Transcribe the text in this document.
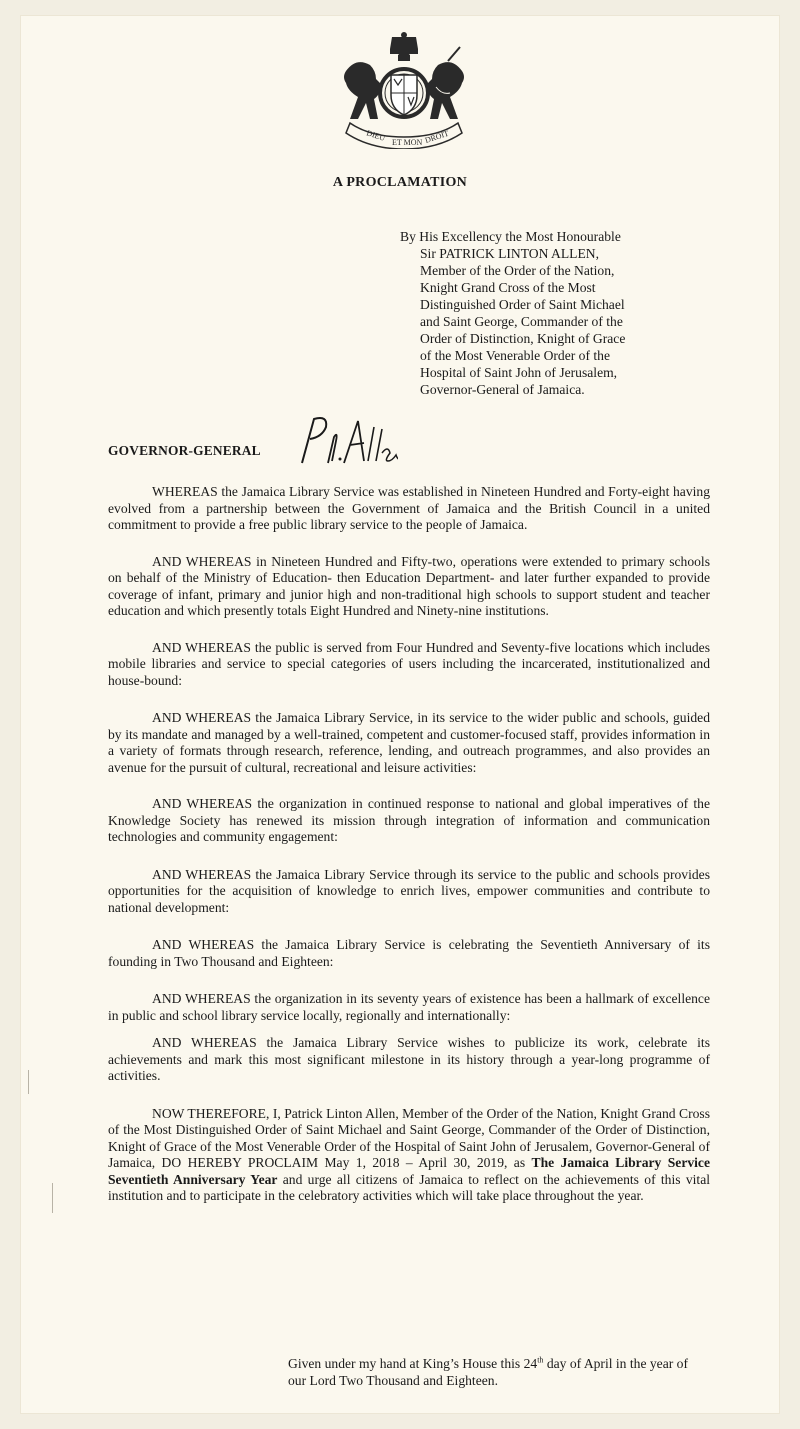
DIEU ET MON DROIT
A PROCLAMATION
By His Excellency the Most Honourable
Sir PATRICK LINTON ALLEN,
Member of the Order of the Nation,
Knight Grand Cross of the Most
Distinguished Order of Saint Michael
and Saint George, Commander of the
Order of Distinction, Knight of Grace
of the Most Venerable Order of the
Hospital of Saint John of Jerusalem,
Governor-General of Jamaica.
GOVERNOR-GENERAL

WHEREAS the Jamaica Library Service was established in Nineteen Hundred and Forty-eight having evolved from a partnership between the Government of Jamaica and the British Council in a united commitment to provide a free public library service to the people of Jamaica.

AND WHEREAS in Nineteen Hundred and Fifty-two, operations were extended to primary schools on behalf of the Ministry of Education- then Education Department- and later further expanded to provide coverage of infant, primary and junior high and non-traditional high schools to support student and teacher education and which presently totals Eight Hundred and Ninety-nine institutions.

AND WHEREAS the public is served from Four Hundred and Seventy-five locations which includes mobile libraries and service to special categories of users including the incarcerated, institutionalized and house-bound:

AND WHEREAS the Jamaica Library Service, in its service to the wider public and schools, guided by its mandate and managed by a well-trained, competent and customer-focused staff, provides information in a variety of formats through research, reference, lending, and outreach programmes, and also provides an avenue for the pursuit of cultural, recreational and leisure activities:

AND WHEREAS the organization in continued response to national and global imperatives of the Knowledge Society has renewed its mission through integration of information and communication technologies and community engagement:

AND WHEREAS the Jamaica Library Service through its service to the public and schools provides opportunities for the acquisition of knowledge to enrich lives, empower communities and contribute to national development:

AND WHEREAS the Jamaica Library Service is celebrating the Seventieth Anniversary of its founding in Two Thousand and Eighteen:

AND WHEREAS the organization in its seventy years of existence has been a hallmark of excellence in public and school library service locally, regionally and internationally:

AND WHEREAS the Jamaica Library Service wishes to publicize its work, celebrate its achievements and mark this most significant milestone in its history through a year-long programme of activities.

NOW THEREFORE, I, Patrick Linton Allen, Member of the Order of the Nation, Knight Grand Cross of the Most Distinguished Order of Saint Michael and Saint George, Commander of the Order of Distinction, Knight of Grace of the Most Venerable Order of the Hospital of Saint John of Jerusalem, Governor-General of Jamaica, DO HEREBY PROCLAIM May 1, 2018 – April 30, 2019, as The Jamaica Library Service Seventieth Anniversary Year and urge all citizens of Jamaica to reflect on the achievements of this vital institution and to participate in the celebratory activities which will take place throughout the year.

Given under my hand at King’s House this 24th day of April in the year of our Lord Two Thousand and Eighteen.
